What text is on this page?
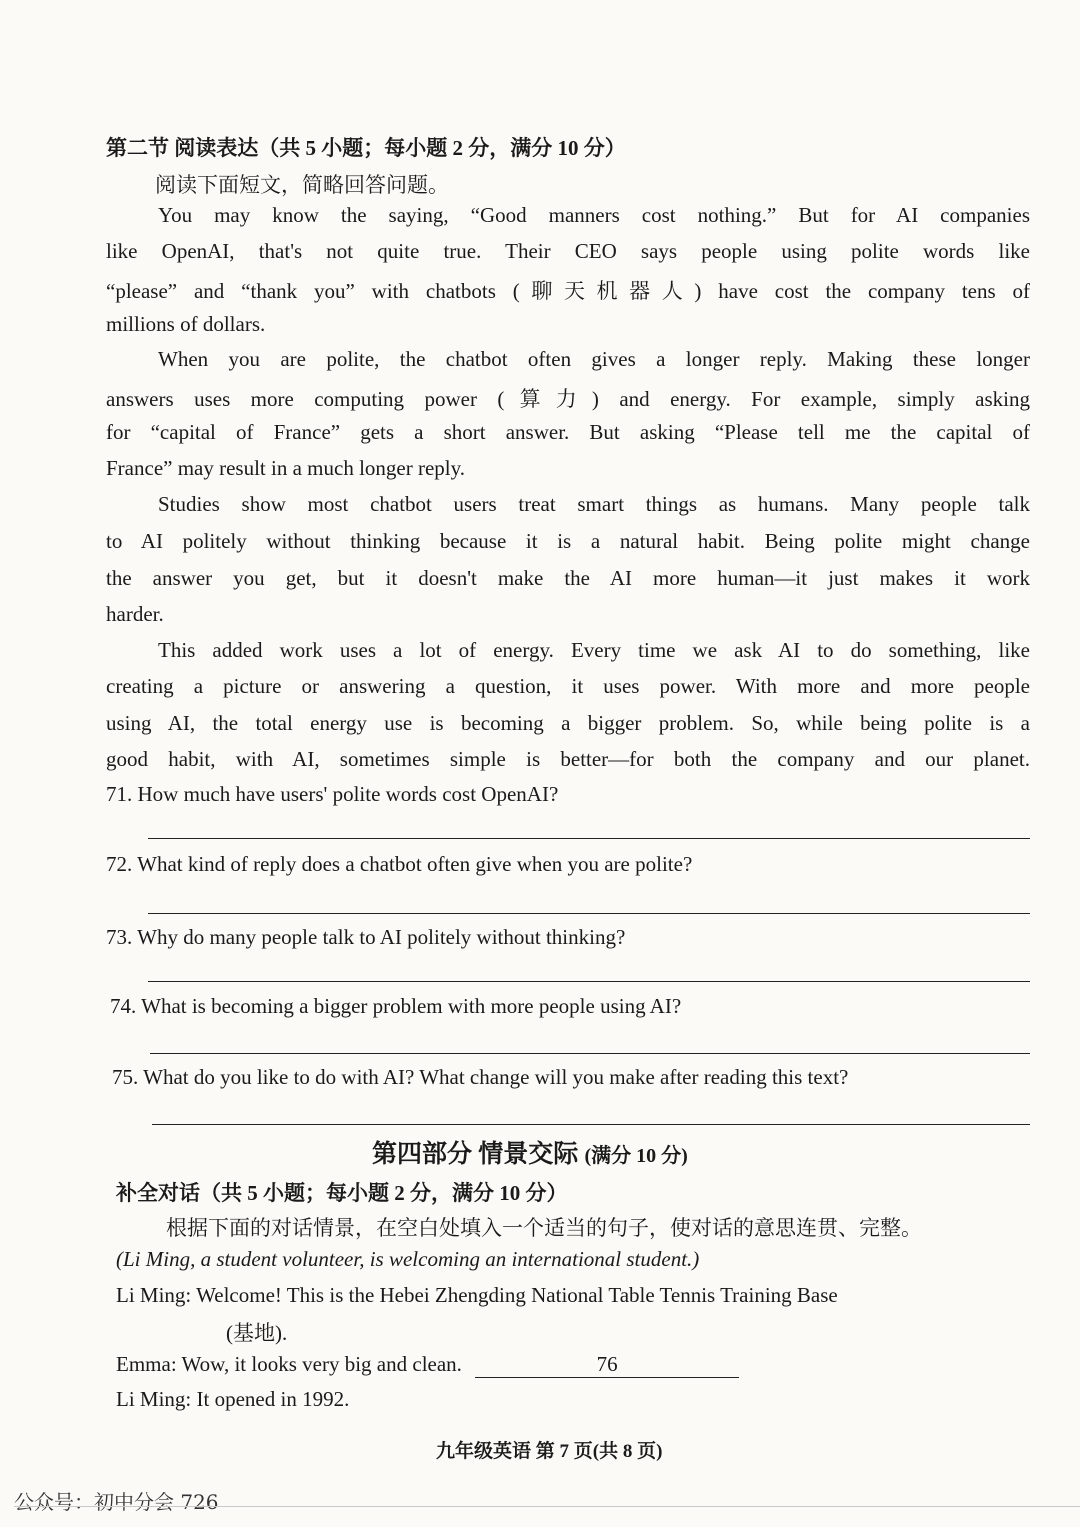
第二节 阅读表达（共 5 小题；每小题 2 分，满分 10 分）
阅读下面短文，简略回答问题。
You may know the saying, “Good manners cost nothing.” But for AI companies
like OpenAI, that's not quite true. Their CEO says people using polite words like
“please” and “thank you” with chatbots (聊天机器人) have cost the company tens of
millions of dollars.
When you are polite, the chatbot often gives a longer reply. Making these longer
answers uses more computing power (算力) and energy. For example, simply asking
for “capital of France” gets a short answer. But asking “Please tell me the capital of
France” may result in a much longer reply.
Studies show most chatbot users treat smart things as humans. Many people talk
to AI politely without thinking because it is a natural habit. Being polite might change
the answer you get, but it doesn't make the AI more human—it just makes it work
harder.
This added work uses a lot of energy. Every time we ask AI to do something, like
creating a picture or answering a question, it uses power. With more and more people
using AI, the total energy use is becoming a bigger problem. So, while being polite is a
good habit, with AI, sometimes simple is better—for both the company and our planet.
71. How much have users' polite words cost OpenAI?
72. What kind of reply does a chatbot often give when you are polite?
73. Why do many people talk to AI politely without thinking?
74. What is becoming a bigger problem with more people using AI?
75. What do you like to do with AI? What change will you make after reading this text?
第四部分 情景交际 (满分 10 分)
补全对话（共 5 小题；每小题 2 分，满分 10 分）
根据下面的对话情景，在空白处填入一个适当的句子，使对话的意思连贯、完整。
(Li Ming, a student volunteer, is welcoming an international student.)
Li Ming: Welcome! This is the Hebei Zhengding National Table Tennis Training Base
(基地).
Emma: Wow, it looks very big and clean.	76
Li Ming: It opened in 1992.
九年级英语 第 7 页(共 8 页)
公众号：初中分会 726
